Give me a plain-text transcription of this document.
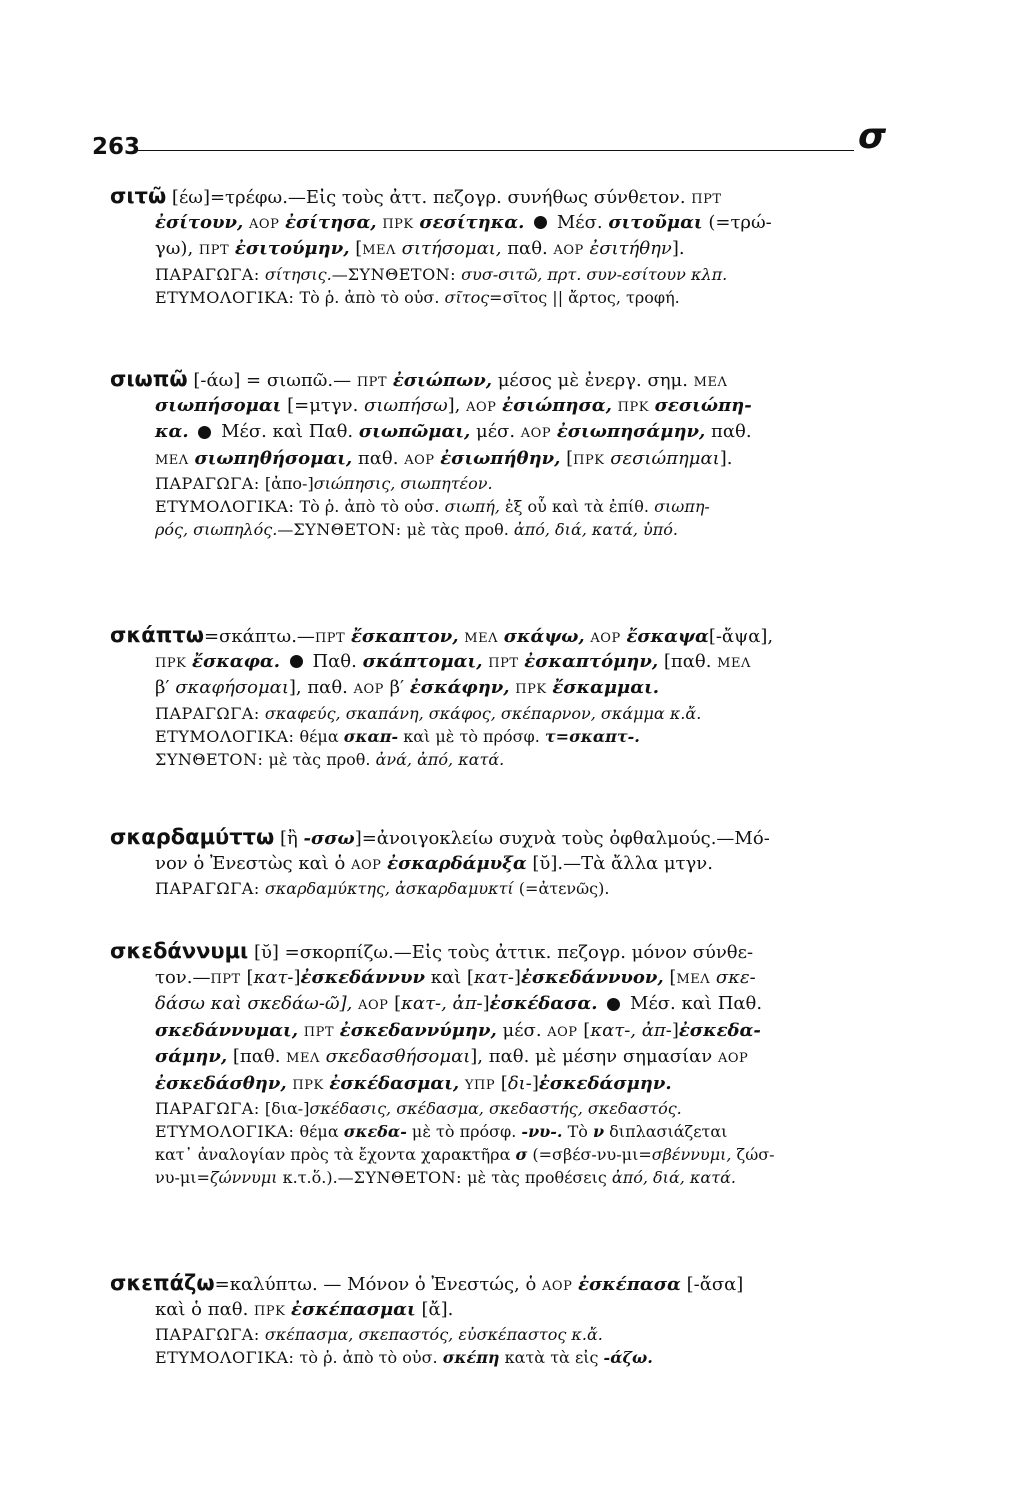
263	σ
σιτῶ [έω]=τρέφω.—Εἰς τοὺς ἀττ. πεζογρ. συνήθως σύνθετον. ΠΡΤ
ἐσίτουν, ΑΟΡ ἐσίτησα, ΠΡΚ σεσίτηκα.  Μέσ. σιτοῦμαι (=τρώ-
γω), ΠΡΤ ἐσιτούμην, [ΜΕΛ σιτήσομαι, παθ. ΑΟΡ ἐσιτήθην].
ΠΑΡΑΓΩΓΑ: σίτησις.—ΣΥΝΘΕΤΟΝ: συσ-σιτῶ, πρτ. συν-εσίτουν κλπ.
ΕΤΥΜΟΛΟΓΙΚΑ: Τὸ ῥ. ἀπὸ τὸ οὐσ. σῖτος=σῖτος || ἄρτος, τροφή.
σιωπῶ [-άω] = σιωπῶ.— ΠΡΤ ἐσιώπων, μέσος μὲ ἐνεργ. σημ. ΜΕΛ
σιωπήσομαι [=μτγν. σιωπήσω], ΑΟΡ ἐσιώπησα, ΠΡΚ σεσιώπη-
κα.  Μέσ. καὶ Παθ. σιωπῶμαι, μέσ. ΑΟΡ ἐσιωπησάμην, παθ.
ΜΕΛ σιωπηθήσομαι, παθ. ΑΟΡ ἐσιωπήθην, [ΠΡΚ σεσιώπημαι].
ΠΑΡΑΓΩΓΑ: [ἀπο-]σιώπησις, σιωπητέον.
ΕΤΥΜΟΛΟΓΙΚΑ: Τὸ ῥ. ἀπὸ τὸ οὐσ. σιωπή, ἐξ οὗ καὶ τὰ ἐπίθ. σιωπη-
ρός, σιωπηλός.—ΣΥΝΘΕΤΟΝ: μὲ τὰς προθ. ἀπό, διά, κατά, ὑπό.
σκάπτω=σκάπτω.—ΠΡΤ ἔσκαπτον, ΜΕΛ σκάψω, ΑΟΡ ἔσκαψα[-ἄψα],
ΠΡΚ ἔσκαφα.  Παθ. σκάπτομαι, ΠΡΤ ἐσκαπτόμην, [παθ. ΜΕΛ
β′ σκαφήσομαι], παθ. ΑΟΡ β′ ἐσκάφην, ΠΡΚ ἔσκαμμαι.
ΠΑΡΑΓΩΓΑ: σκαφεύς, σκαπάνη, σκάφος, σκέπαρνον, σκάμμα κ.ἄ.
ΕΤΥΜΟΛΟΓΙΚΑ: θέμα σκαπ- καὶ μὲ τὸ πρόσφ. τ=σκαπτ-.
ΣΥΝΘΕΤΟΝ: μὲ τὰς προθ. ἀνά, ἀπό, κατά.
σκαρδαμύττω [ἢ -σσω]=ἀνοιγοκλείω συχνὰ τοὺς ὀφθαλμούς.—Μό-
νον ὁ Ἐνεστὼς καὶ ὁ ΑΟΡ ἐσκαρδάμυξα [ῠ].—Τὰ ἄλλα μτγν.
ΠΑΡΑΓΩΓΑ: σκαρδαμύκτης, ἀσκαρδαμυκτί (=ἀτενῶς).
σκεδάννυμι [ῠ] =σκορπίζω.—Εἰς τοὺς ἀττικ. πεζογρ. μόνον σύνθε-
τον.—ΠΡΤ [κατ-]ἐσκεδάννυν καὶ [κατ-]ἐσκεδάννυον, [ΜΕΛ σκε-
δάσω καὶ σκεδάω-ῶ], ΑΟΡ [κατ-, ἀπ-]ἐσκέδασα.  Μέσ. καὶ Παθ.
σκεδάννυμαι, ΠΡΤ ἐσκεδαννύμην, μέσ. ΑΟΡ [κατ-, ἀπ-]ἐσκεδα-
σάμην, [παθ. ΜΕΛ σκεδασθήσομαι], παθ. μὲ μέσην σημασίαν ΑΟΡ
ἐσκεδάσθην, ΠΡΚ ἐσκέδασμαι, ΥΠΡ [δι-]ἐσκεδάσμην.
ΠΑΡΑΓΩΓΑ: [δια-]σκέδασις, σκέδασμα, σκεδαστής, σκεδαστός.
ΕΤΥΜΟΛΟΓΙΚΑ: θέμα σκεδα- μὲ τὸ πρόσφ. -νυ-. Τὸ ν διπλασιάζεται
κατ᾽ ἀναλογίαν πρὸς τὰ ἔχοντα χαρακτῆρα σ (=σβέσ-νυ-μι=σβέννυμι, ζώσ-
νυ-μι=ζώννυμι κ.τ.ὅ.).—ΣΥΝΘΕΤΟΝ: μὲ τὰς προθέσεις ἀπό, διά, κατά.
σκεπάζω=καλύπτω. — Μόνον ὁ Ἐνεστώς, ὁ ΑΟΡ ἐσκέπασα [-ἄσα]
καὶ ὁ παθ. ΠΡΚ ἐσκέπασμαι [ἄ].
ΠΑΡΑΓΩΓΑ: σκέπασμα, σκεπαστός, εὐσκέπαστος κ.ἄ.
ΕΤΥΜΟΛΟΓΙΚΑ: τὸ ῥ. ἀπὸ τὸ οὐσ. σκέπη κατὰ τὰ εἰς -άζω.
